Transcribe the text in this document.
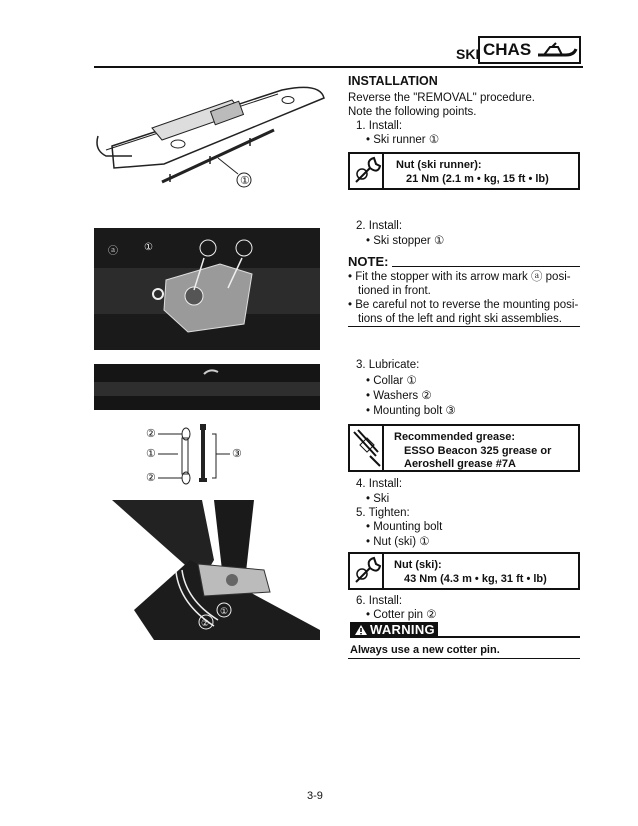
SKI CHAS
①
ⓐ	①
②
①	③
②
①
②
INSTALLATION
Reverse the "REMOVAL" procedure.
Note the following points.
1. Install:
• Ski runner ①
Nut (ski runner):
21 Nm (2.1 m • kg, 15 ft • lb)
2. Install:
• Ski stopper ①
NOTE:
• Fit the stopper with its arrow mark ⓐ posi-
tioned in front.
• Be careful not to reverse the mounting posi-
tions of the left and right ski assemblies.
3. Lubricate:
• Collar ①
• Washers ②
• Mounting bolt ③
Recommended grease:
ESSO Beacon 325 grease or
Aeroshell grease #7A
4. Install:
• Ski
5. Tighten:
• Mounting bolt
• Nut (ski) ①
Nut (ski):
43 Nm (4.3 m • kg, 31 ft • lb)
6. Install:
• Cotter pin ②
WARNING
Always use a new cotter pin.
3-9
